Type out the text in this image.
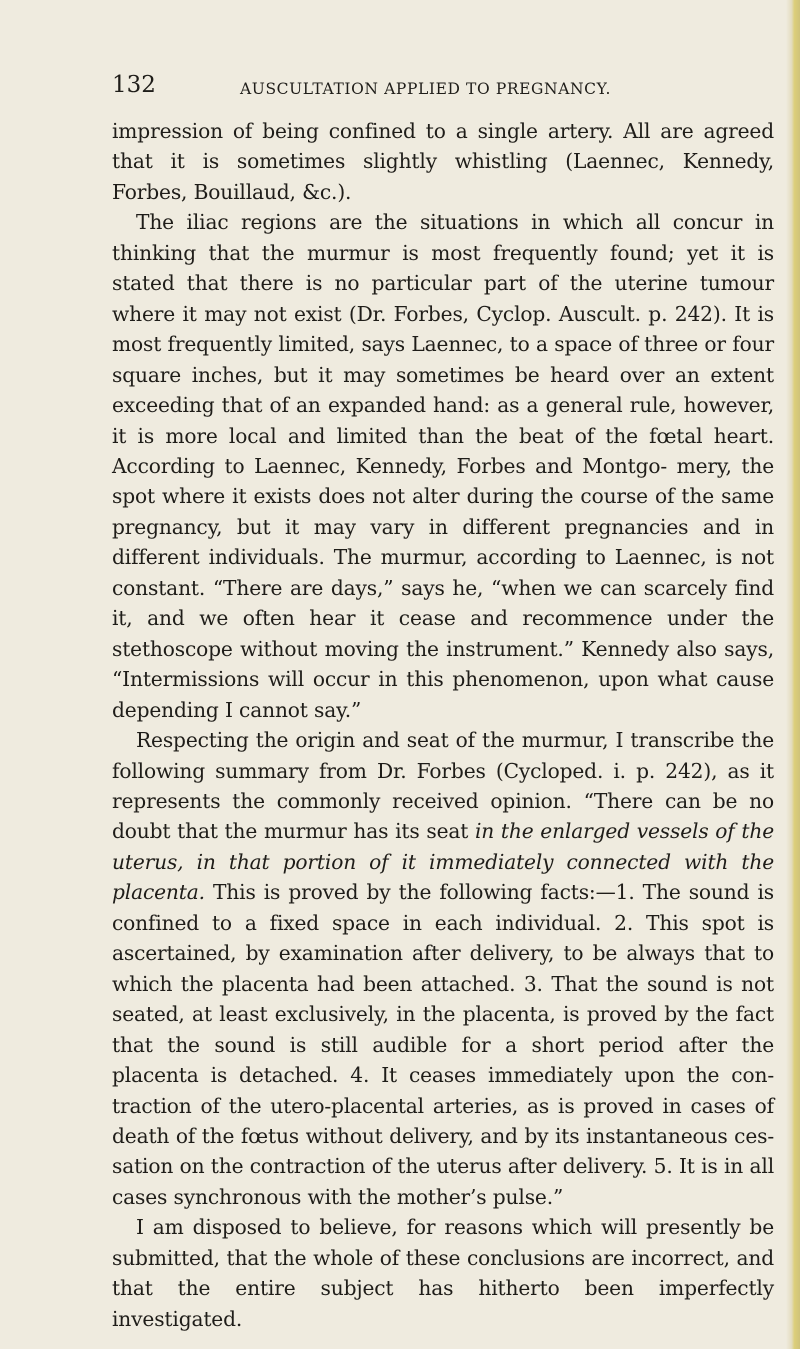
132	AUSCULTATION APPLIED TO PREGNANCY.

impression of being confined to a single artery. All are agreed that it is sometimes slightly whistling (Laennec, Kennedy, Forbes, Bouillaud, &c.).

The iliac regions are the situations in which all concur in thinking that the murmur is most frequently found; yet it is stated that there is no particular part of the uterine tumour where it may not exist (Dr. Forbes, Cyclop. Auscult. p. 242). It is most frequently limited, says Laennec, to a space of three or four square inches, but it may sometimes be heard over an extent exceeding that of an expanded hand: as a general rule, however, it is more local and limited than the beat of the fœtal heart. According to Laennec, Kennedy, Forbes and Montgo- mery, the spot where it exists does not alter during the course of the same pregnancy, but it may vary in different pregnancies and in different individuals. The murmur, according to Laennec, is not constant. “There are days,” says he, “when we can scarcely find it, and we often hear it cease and recommence under the stethoscope without moving the instrument.” Kennedy also says, “Intermissions will occur in this phenomenon, upon what cause depending I cannot say.”

Respecting the origin and seat of the murmur, I transcribe the following summary from Dr. Forbes (Cycloped. i. p. 242), as it represents the commonly received opinion. “There can be no doubt that the murmur has its seat in the enlarged vessels of the uterus, in that portion of it immediately connected with the placenta. This is proved by the following facts:—1. The sound is confined to a fixed space in each individual. 2. This spot is ascertained, by examination after delivery, to be always that to which the placenta had been attached. 3. That the sound is not seated, at least exclusively, in the placenta, is proved by the fact that the sound is still audible for a short period after the placenta is detached. 4. It ceases immediately upon the con- traction of the utero-placental arteries, as is proved in cases of death of the fœtus without delivery, and by its instantaneous ces- sation on the contraction of the uterus after delivery. 5. It is in all cases synchronous with the mother’s pulse.”

I am disposed to believe, for reasons which will presently be submitted, that the whole of these conclusions are incorrect, and that the entire subject has hitherto been imperfectly investigated.
